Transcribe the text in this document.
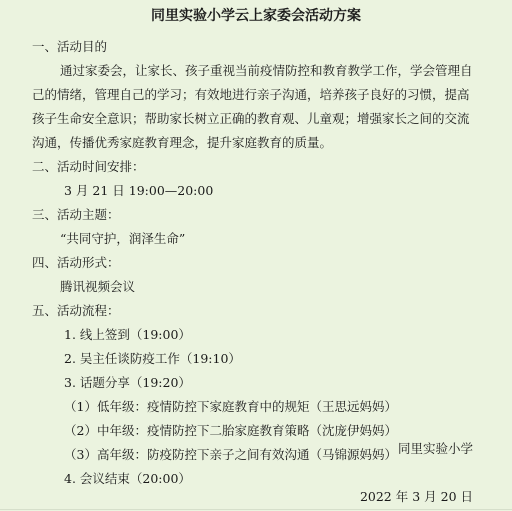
同里实验小学云上家委会活动方案
一、活动目的
通过家委会，让家长、孩子重视当前疫情防控和教育教学工作，学会管理自
己的情绪，管理自己的学习；有效地进行亲子沟通，培养孩子良好的习惯，提高
孩子生命安全意识；帮助家长树立正确的教育观、儿童观；增强家长之间的交流
沟通，传播优秀家庭教育理念，提升家庭教育的质量。
二、活动时间安排：
3 月 21 日 19:00—20:00
三、活动主题：
“共同守护，润泽生命”
四、活动形式：
腾讯视频会议
五、活动流程：
1. 线上签到（19:00）
2. 吴主任谈防疫工作（19:10）
3. 话题分享（19:20）
（1）低年级：疫情防控下家庭教育中的规矩（王思远妈妈）
（2）中年级：疫情防控下二胎家庭教育策略（沈庞伊妈妈）
（3）高年级：防疫防控下亲子之间有效沟通（马锦源妈妈）
4. 会议结束（20:00）
同里实验小学
2022 年 3 月 20 日
